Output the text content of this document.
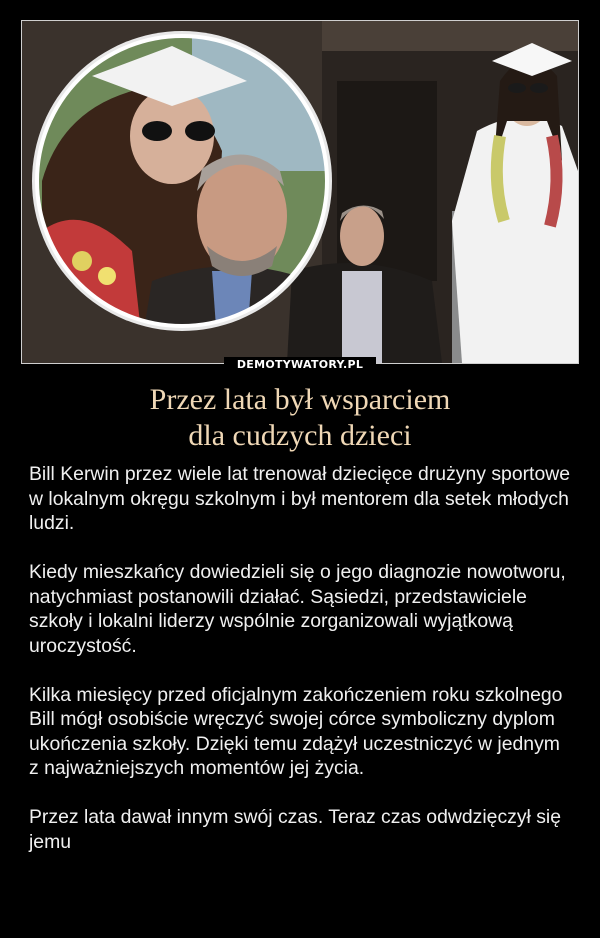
DEMOTYWATORY.PL
Przez lata był wsparciem
dla cudzych dzieci

Bill Kerwin przez wiele lat trenował dziecięce drużyny sportowe w lokalnym okręgu szkolnym i był mentorem dla setek młodych ludzi.

Kiedy mieszkańcy dowiedzieli się o jego diagnozie nowotworu, natychmiast postanowili działać. Sąsiedzi, przedstawiciele szkoły i lokalni liderzy wspólnie zorganizowali wyjątkową uroczystość.

Kilka miesięcy przed oficjalnym zakończeniem roku szkolnego Bill mógł osobiście wręczyć swojej córce symboliczny dyplom ukończenia szkoły. Dzięki temu zdążył uczestniczyć w jednym z najważniejszych momentów jej życia.

Przez lata dawał innym swój czas. Teraz czas odwdzięczył się jemu
